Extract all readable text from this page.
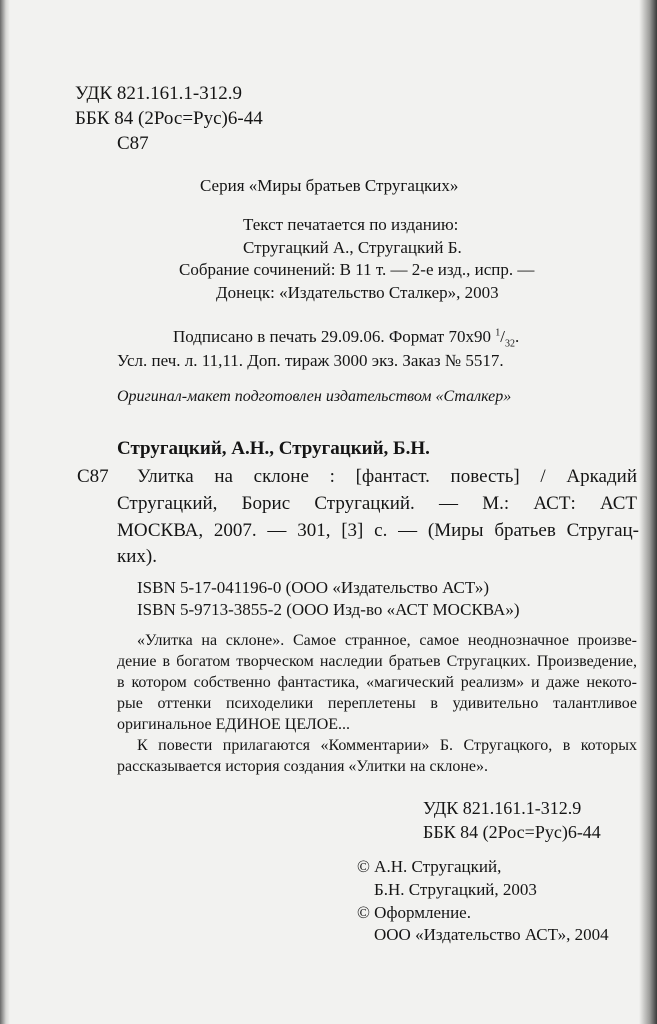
УДК 821.161.1-312.9
ББК 84 (2Рос=Рус)6-44
С87
Серия «Миры братьев Стругацких»
Текст печатается по изданию:
Стругацкий А., Стругацкий Б.
Собрание сочинений: В 11 т. — 2-е изд., испр. —
Донецк: «Издательство Сталкер», 2003
Подписано в печать 29.09.06. Формат 70x90 $^1/_{32}$.
Усл. печ. л. 11,11. Доп. тираж 3000 экз. Заказ № 5517.
Оригинал-макет подготовлен издательством «Сталкер»
Стругацкий, А.Н., Стругацкий, Б.Н.
С87 Улитка на склоне : [фантаст. повесть] / Аркадий
Стругацкий, Борис Стругацкий. — М.: АСТ: АСТ
МОСКВА, 2007. — 301, [3] с. — (Миры братьев Стругац-
ких).
ISBN 5-17-041196-0 (ООО «Издательство АСТ»)
ISBN 5-9713-3855-2 (ООО Изд-во «АСТ МОСКВА»)
«Улитка на склоне». Самое странное, самое неоднозначное произве-
дение в богатом творческом наследии братьев Стругацких. Произведение,
в котором собственно фантастика, «магический реализм» и даже некото-
рые оттенки психоделики переплетены в удивительно талантливое
оригинальное ЕДИНОЕ ЦЕЛОЕ...
К повести прилагаются «Комментарии» Б. Стругацкого, в которых
рассказывается история создания «Улитки на склоне».
УДК 821.161.1-312.9
ББК 84 (2Рос=Рус)6-44
© А.Н. Стругацкий,
Б.Н. Стругацкий, 2003
© Оформление.
ООО «Издательство АСТ», 2004
